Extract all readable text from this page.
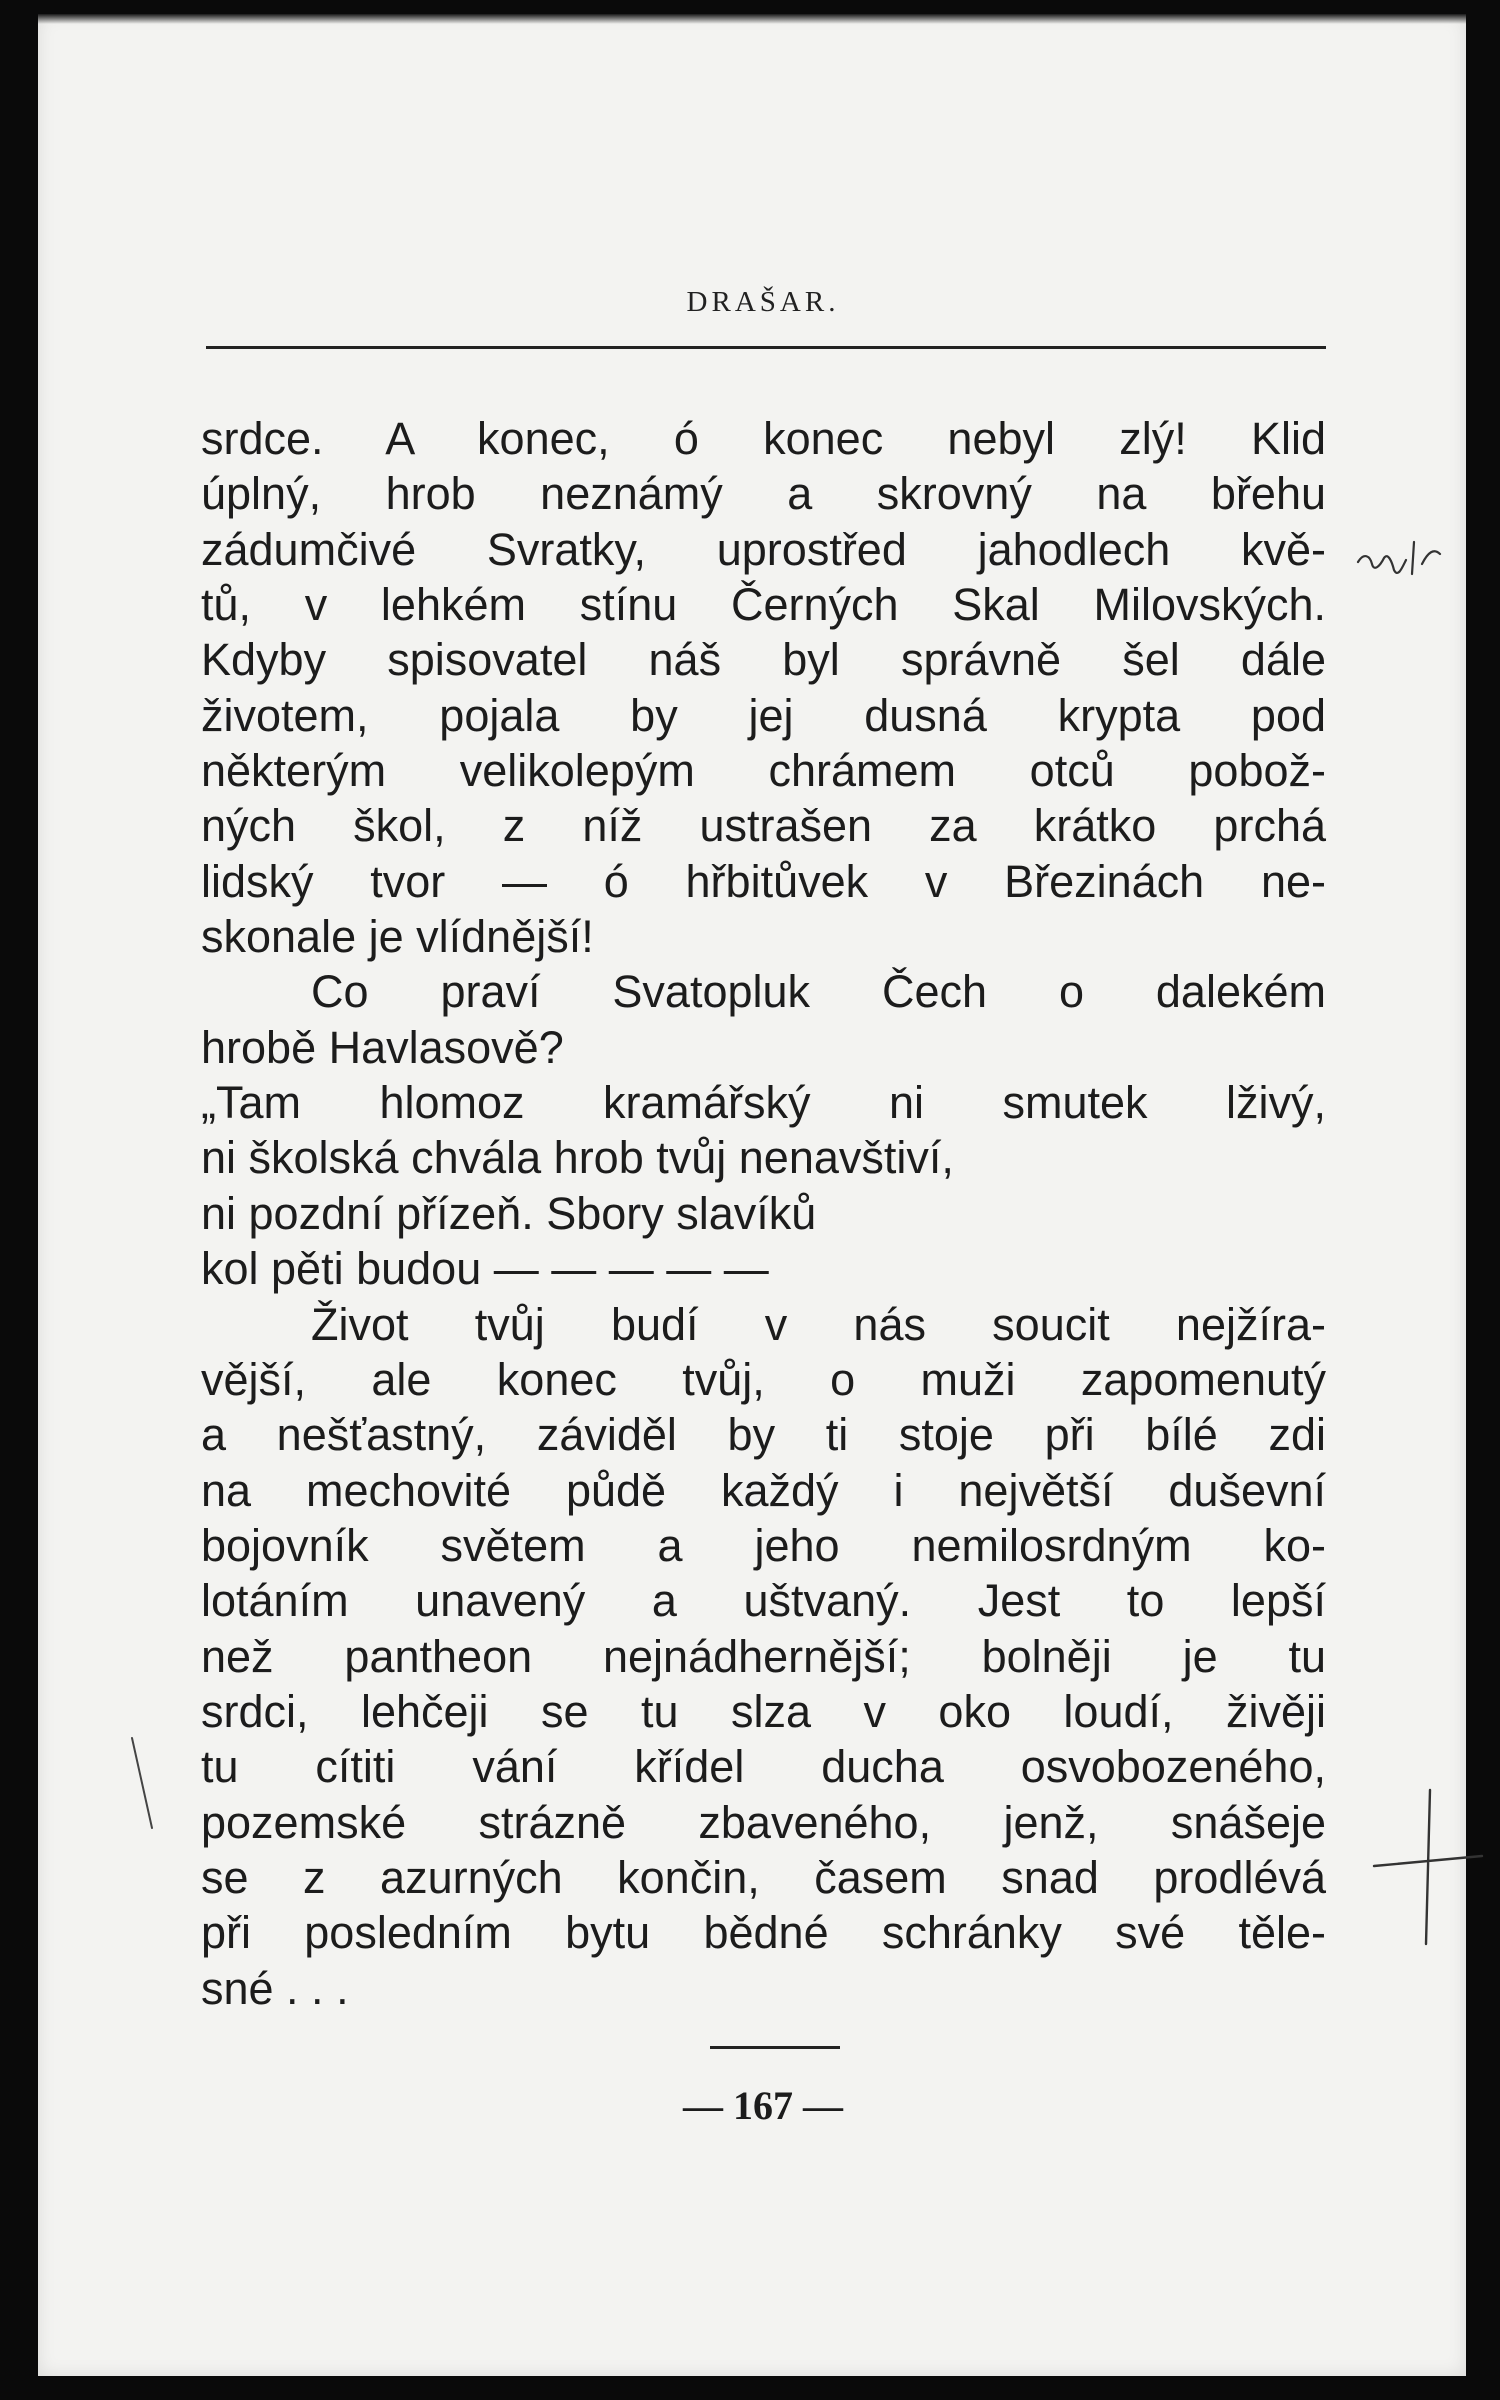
DRAŠAR.
srdce. A konec, ó konec nebyl zlý! Klid
úplný, hrob neznámý a skrovný na břehu
zádumčivé Svratky, uprostřed jahodlech kvě-
tů, v lehkém stínu Černých Skal Milovských.
Kdyby spisovatel náš byl správně šel dále
životem, pojala by jej dusná krypta pod
některým velikolepým chrámem otců pobož-
ných škol, z níž ustrašen za krátko prchá
lidský tvor — ó hřbitůvek v Březinách ne-
skonale je vlídnější!
Co praví Svatopluk Čech o dalekém
hrobě Havlasově?
„Tam hlomoz kramářský ni smutek lživý,
ni školská chvála hrob tvůj nenavštiví,
ni pozdní přízeň. Sbory slavíků
kol pěti budou — — — — —
Život tvůj budí v nás soucit nejžíra-
vější, ale konec tvůj, o muži zapomenutý
a nešťastný, záviděl by ti stoje při bílé zdi
na mechovité půdě každý i největší duševní
bojovník světem a jeho nemilosrdným ko-
lotáním unavený a uštvaný. Jest to lepší
než pantheon nejnádhernější; bolněji je tu
srdci, lehčeji se tu slza v oko loudí, živěji
tu cítiti vání křídel ducha osvobozeného,
pozemské strázně zbaveného, jenž, snášeje
se z azurných končin, časem snad prodlévá
při posledním bytu bědné schránky své těle-
sné . . .
— 167 —
